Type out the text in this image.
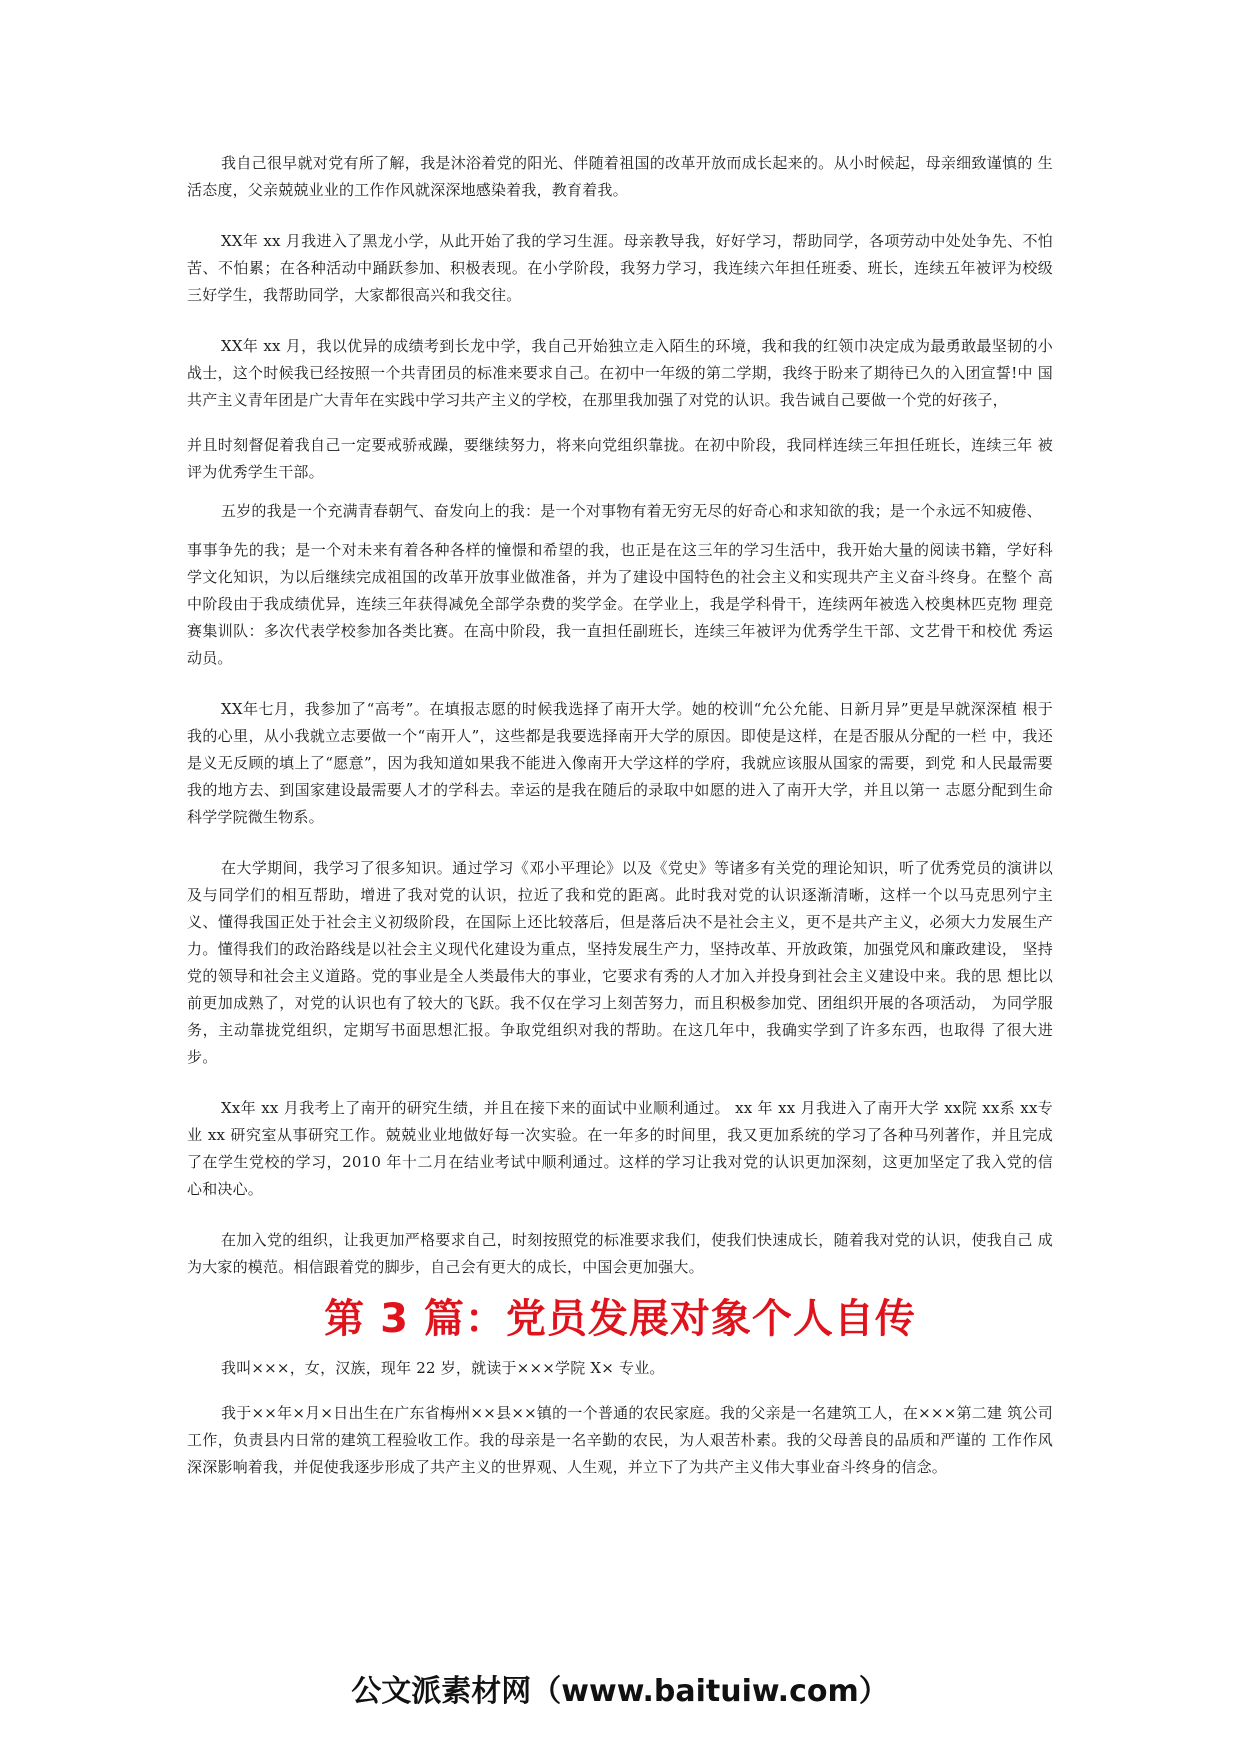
我自己很早就对党有所了解，我是沐浴着党的阳光、伴随着祖国的改革开放而成长起来的。从小时候起，母亲细致谨慎的 生活态度，父亲兢兢业业的工作作风就深深地感染着我，教育着我。

XX年 xx 月我进入了黑龙小学，从此开始了我的学习生涯。母亲教导我，好好学习，帮助同学，各项劳动中处处争先、不怕 苦、不怕累；在各种活动中踊跃参加、积极表现。在小学阶段，我努力学习，我连续六年担任班委、班长，连续五年被评为校级 三好学生，我帮助同学，大家都很高兴和我交往。

XX年 xx 月，我以优异的成绩考到长龙中学，我自己开始独立走入陌生的环境，我和我的红领巾决定成为最勇敢最坚韧的小 战士，这个时候我已经按照一个共青团员的标准来要求自己。在初中一年级的第二学期，我终于盼来了期待已久的入团宣誓!中 国共产主义青年团是广大青年在实践中学习共产主义的学校，在那里我加强了对党的认识。我告诫自己要做一个党的好孩子，

并且时刻督促着我自己一定要戒骄戒躁，要继续努力，将来向党组织靠拢。在初中阶段，我同样连续三年担任班长，连续三年 被评为优秀学生干部。

五岁的我是一个充满青春朝气、奋发向上的我：是一个对事物有着无穷无尽的好奇心和求知欲的我；是一个永远不知疲倦、

事事争先的我；是一个对未来有着各种各样的憧憬和希望的我，也正是在这三年的学习生活中，我开始大量的阅读书籍，学好科 学文化知识，为以后继续完成祖国的改革开放事业做准备，并为了建设中国特色的社会主义和实现共产主义奋斗终身。在整个 高中阶段由于我成绩优异，连续三年获得减免全部学杂费的奖学金。在学业上，我是学科骨干，连续两年被选入校奥林匹克物 理竞赛集训队：多次代表学校参加各类比赛。在高中阶段，我一直担任副班长，连续三年被评为优秀学生干部、文艺骨干和校优 秀运动员。

XX年七月，我参加了“高考”。在填报志愿的时候我选择了南开大学。她的校训“允公允能、日新月异”更是早就深深植 根于我的心里，从小我就立志要做一个“南开人”，这些都是我要选择南开大学的原因。即使是这样，在是否服从分配的一栏 中，我还是义无反顾的填上了“愿意”，因为我知道如果我不能进入像南开大学这样的学府，我就应该服从国家的需要，到党 和人民最需要我的地方去、到国家建设最需要人才的学科去。幸运的是我在随后的录取中如愿的进入了南开大学，并且以第一 志愿分配到生命科学学院微生物系。

在大学期间，我学习了很多知识。通过学习《邓小平理论》以及《党史》等诸多有关党的理论知识，听了优秀党员的演讲以及与同学们的相互帮助，增进了我对党的认识，拉近了我和党的距离。此时我对党的认识逐渐清晰，这样一个以马克思列宁主义、懂得我国正处于社会主义初级阶段，在国际上还比较落后，但是落后决不是社会主义，更不是共产主义，必须大力发展生产力。懂得我们的政治路线是以社会主义现代化建设为重点，坚持发展生产力，坚持改革、开放政策，加强党风和廉政建设， 坚持党的领导和社会主义道路。党的事业是全人类最伟大的事业，它要求有秀的人才加入并投身到社会主义建设中来。我的思 想比以前更加成熟了，对党的认识也有了较大的飞跃。我不仅在学习上刻苦努力，而且积极参加党、团组织开展的各项活动， 为同学服务，主动靠拢党组织，定期写书面思想汇报。争取党组织对我的帮助。在这几年中，我确实学到了许多东西，也取得 了很大进步。

Xx年 xx 月我考上了南开的研究生绩，并且在接下来的面试中业顺利通过。 xx 年 xx 月我进入了南开大学 xx院 xx系 xx专 业 xx 研究室从事研究工作。兢兢业业地做好每一次实验。在一年多的时间里，我又更加系统的学习了各种马列著作，并且完成 了在学生党校的学习，2010 年十二月在结业考试中顺利通过。这样的学习让我对党的认识更加深刻，这更加坚定了我入党的信 心和决心。

在加入党的组织，让我更加严格要求自己，时刻按照党的标准要求我们，使我们快速成长，随着我对党的认识，使我自己 成为大家的模范。相信跟着党的脚步，自己会有更大的成长，中国会更加强大。

第 3 篇：党员发展对象个人自传

我叫×××，女，汉族，现年 22 岁，就读于×××学院 X× 专业。

我于××年×月×日出生在广东省梅州××县××镇的一个普通的农民家庭。我的父亲是一名建筑工人，在×××第二建 筑公司工作，负责县内日常的建筑工程验收工作。我的母亲是一名辛勤的农民，为人艰苦朴素。我的父母善良的品质和严谨的 工作作风深深影响着我，并促使我逐步形成了共产主义的世界观、人生观，并立下了为共产主义伟大事业奋斗终身的信念。

公文派素材网（www.baituiw.com）
